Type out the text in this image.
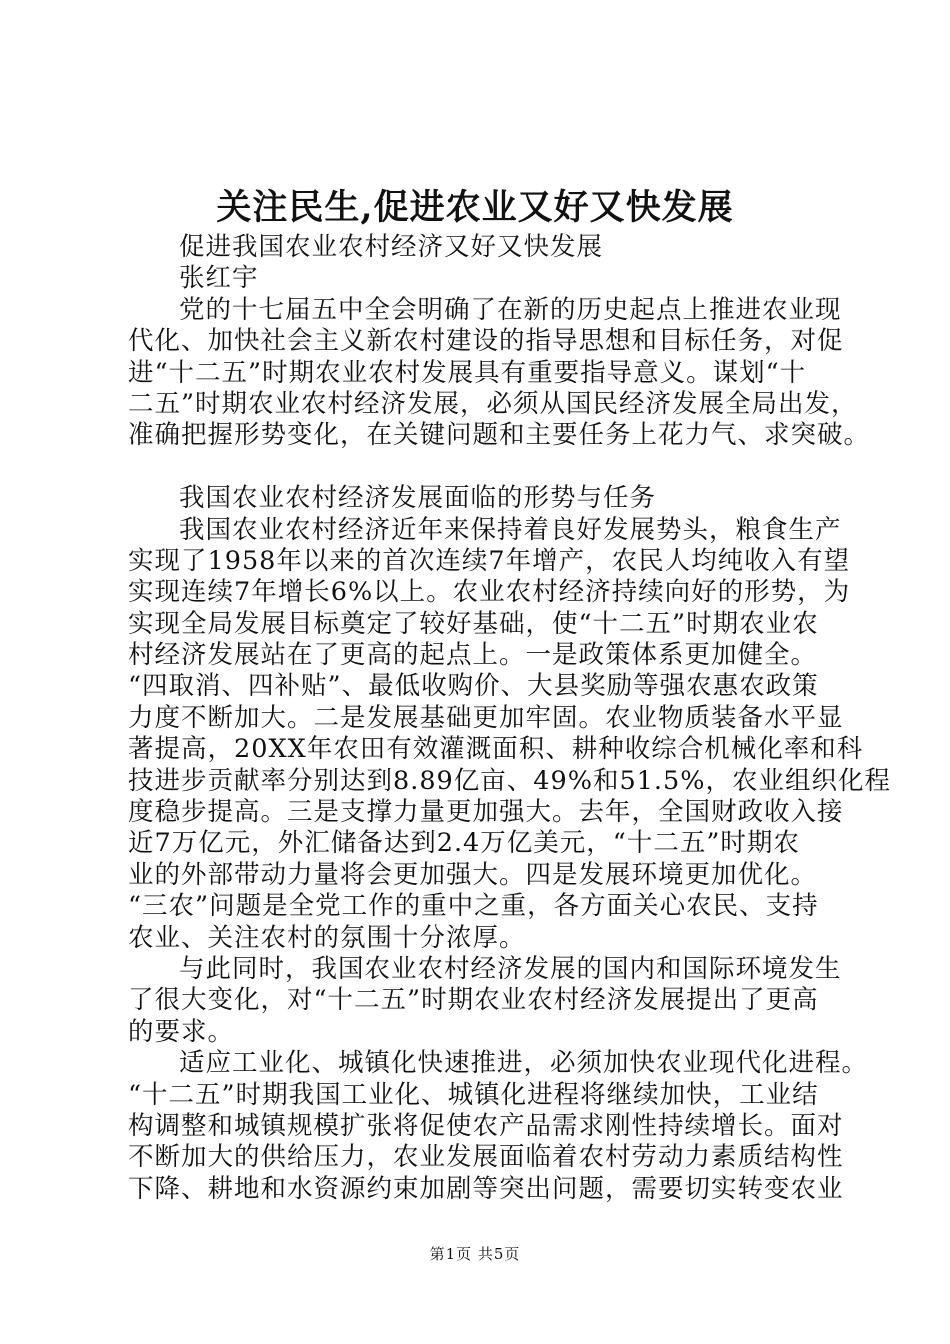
关注民生,促进农业又好又快发展
促进我国农业农村经济又好又快发展
张红宇
党的十七届五中全会明确了在新的历史起点上推进农业现
代化、加快社会主义新农村建设的指导思想和目标任务，对促
进“十二五”时期农业农村发展具有重要指导意义。谋划“十
二五”时期农业农村经济发展，必须从国民经济发展全局出发，
准确把握形势变化，在关键问题和主要任务上花力气、求突破。
我国农业农村经济发展面临的形势与任务
我国农业农村经济近年来保持着良好发展势头，粮食生产
实现了1958年以来的首次连续7年增产，农民人均纯收入有望
实现连续7年增长6%以上。农业农村经济持续向好的形势，为
实现全局发展目标奠定了较好基础，使“十二五”时期农业农
村经济发展站在了更高的起点上。一是政策体系更加健全。
“四取消、四补贴”、最低收购价、大县奖励等强农惠农政策
力度不断加大。二是发展基础更加牢固。农业物质装备水平显
著提高，20XX年农田有效灌溉面积、耕种收综合机械化率和科
技进步贡献率分别达到8.89亿亩、49%和51.5%，农业组织化程
度稳步提高。三是支撑力量更加强大。去年，全国财政收入接
近7万亿元，外汇储备达到2.4万亿美元，“十二五”时期农
业的外部带动力量将会更加强大。四是发展环境更加优化。
“三农”问题是全党工作的重中之重，各方面关心农民、支持
农业、关注农村的氛围十分浓厚。
与此同时，我国农业农村经济发展的国内和国际环境发生
了很大变化，对“十二五”时期农业农村经济发展提出了更高
的要求。
适应工业化、城镇化快速推进，必须加快农业现代化进程。
“十二五”时期我国工业化、城镇化进程将继续加快，工业结
构调整和城镇规模扩张将促使农产品需求刚性持续增长。面对
不断加大的供给压力，农业发展面临着农村劳动力素质结构性
下降、耕地和水资源约束加剧等突出问题，需要切实转变农业
第1页 共5页
